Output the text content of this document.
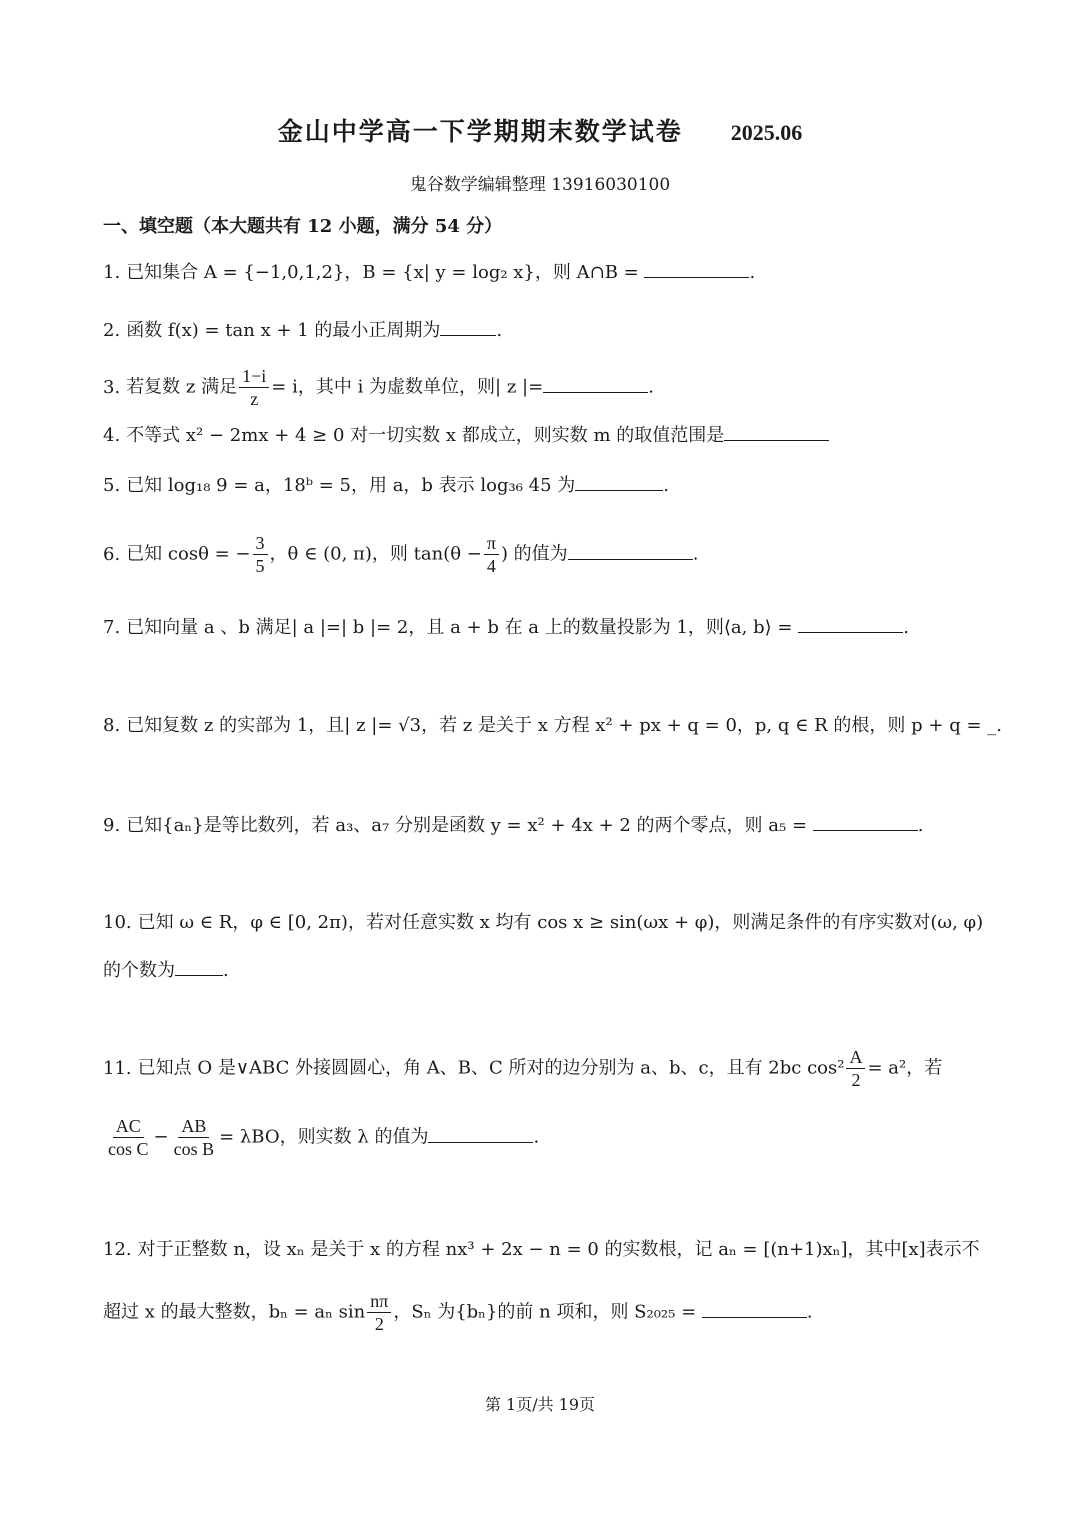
金山中学高一下学期期末数学试卷 2025.06
鬼谷数学编辑整理 13916030100
一、填空题（本大题共有 12 小题，满分 54 分）
1. 已知集合 A = {−1,0,1,2}，B = {x| y = log₂ x}，则 A∩B =	.
2. 函数 f(x) = tan x + 1 的最小正周期为	.
3. 若复数 z 满足 $\frac{1-i}{z} = i$，其中 i 为虚数单位，则| z |=	.
4. 不等式 x² − 2mx + 4 ≥ 0 对一切实数 x 都成立，则实数 m 的取值范围是
5. 已知 log₁₈ 9 = a，18ᵇ = 5，用 a，b 表示 log₃₆ 45 为	.
6. 已知 cosθ = − $\frac{3}{5}$ ，θ ∈ (0, π)，则 $\tan(\theta - \frac{\pi}{4}$ ) 的值为	.
7. 已知向量 a 、b 满足| a |=| b |= 2，且 a + b 在 a 上的数量投影为 1，则⟨a, b⟩ =	.
8. 已知复数 z 的实部为 1，且| z |= √3，若 z 是关于 x 方程 x² + px + q = 0，p, q ∈ R 的根，则 p + q = _.
9. 已知{aₙ}是等比数列，若 a₃、a₇ 分别是函数 y = x² + 4x + 2 的两个零点，则 a₅ =	.
10. 已知 ω ∈ R，φ ∈ [0, 2π)，若对任意实数 x 均有 cos x ≥ sin(ωx + φ)，则满足条件的有序实数对(ω, φ)
的个数为	.
11. 已知点 O 是∨ABC 外接圆圆心，角 A、B、C 所对的边分别为 a、b、c，且有 2bc $\cos^2 \frac{A}{2} = a^2$，若
$\frac{AC}{\text{cos C}} - \frac{AB}{\text{cos B}} = \lambda BO$，则实数 λ 的值为	.
12. 对于正整数 n，设 xₙ 是关于 x 的方程 nx³ + 2x − n = 0 的实数根，记 aₙ = [(n+1)xₙ]，其中[x]表示不
超过 x 的最大整数，bₙ = aₙ $\sin \frac{n\pi}{2}$ ，Sₙ 为{bₙ}的前 n 项和，则 S₂₀₂₅ =	.
第 1页/共 19页
